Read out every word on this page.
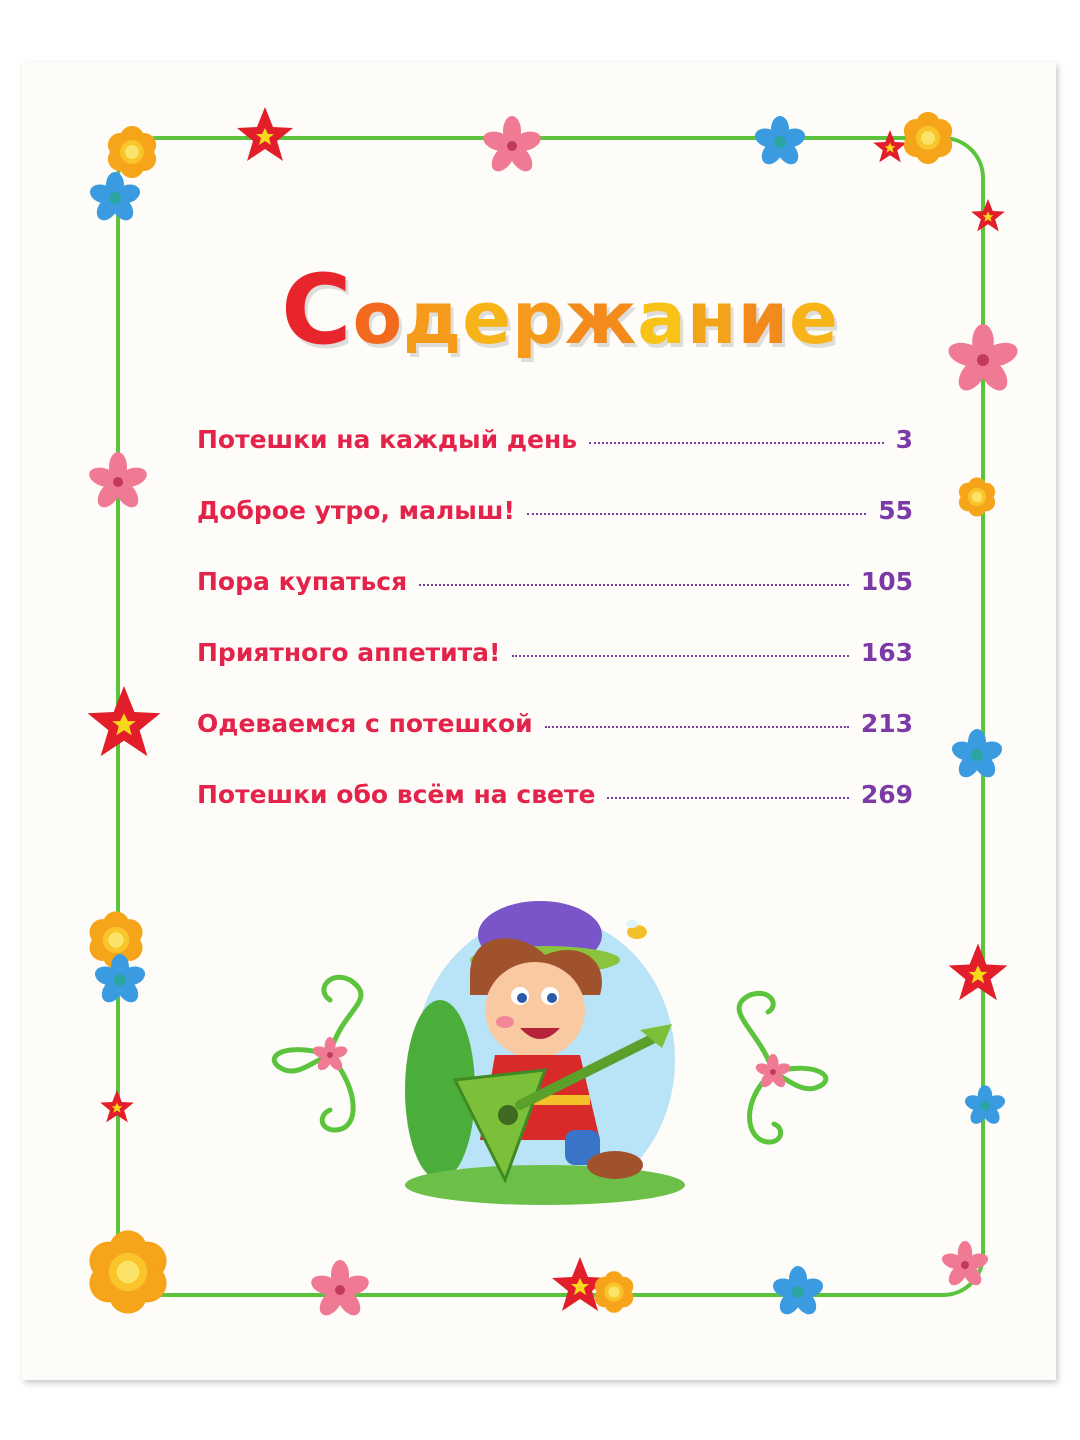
Содержание
Потешки на каждый день	3
Доброе утро, малыш!	55
Пора купаться	105
Приятного аппетита!	163
Одеваемся с потешкой	213
Потешки обо всём на свете	269
